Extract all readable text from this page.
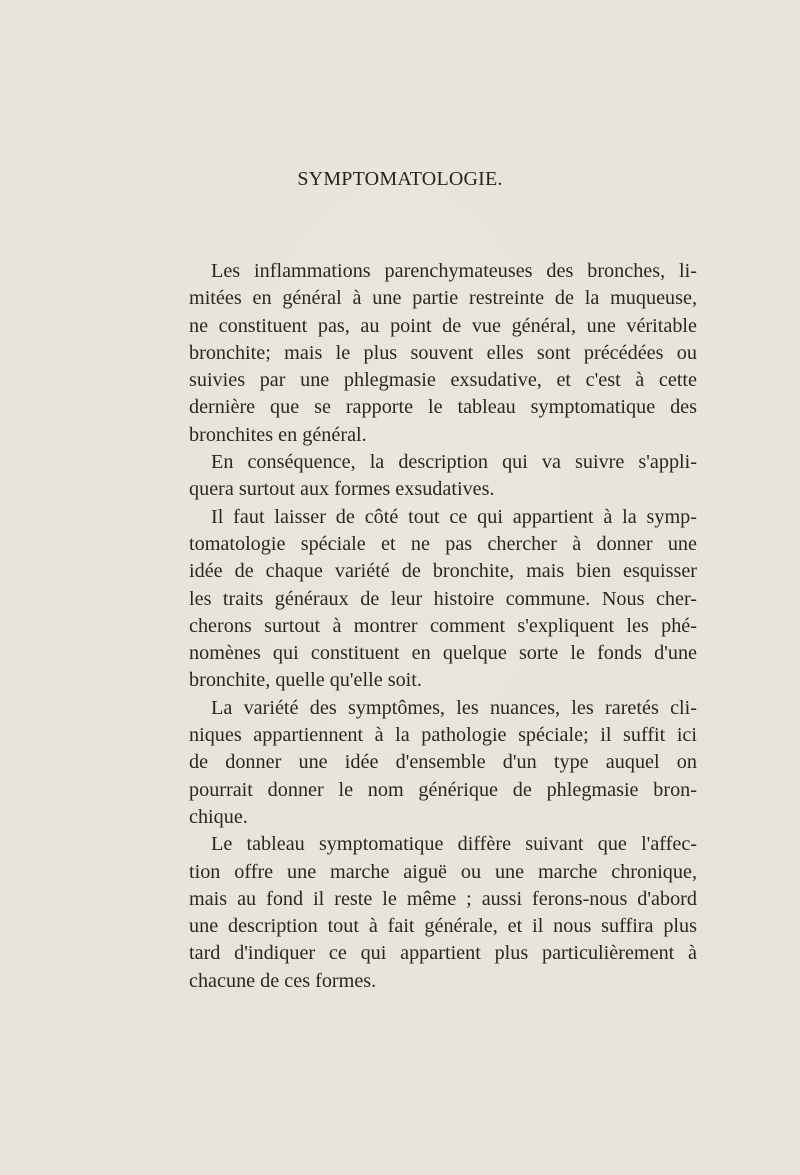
SYMPTOMATOLOGIE.
Les inflammations parenchymateuses des bronches, li-
mitées en général à une partie restreinte de la muqueuse,
ne constituent pas, au point de vue général, une véritable
bronchite; mais le plus souvent elles sont précédées ou
suivies par une phlegmasie exsudative, et c'est à cette
dernière que se rapporte le tableau symptomatique des
bronchites en général.
En conséquence, la description qui va suivre s'appli-
quera surtout aux formes exsudatives.
Il faut laisser de côté tout ce qui appartient à la symp-
tomatologie spéciale et ne pas chercher à donner une
idée de chaque variété de bronchite, mais bien esquisser
les traits généraux de leur histoire commune. Nous cher-
cherons surtout à montrer comment s'expliquent les phé-
nomènes qui constituent en quelque sorte le fonds d'une
bronchite, quelle qu'elle soit.
La variété des symptômes, les nuances, les raretés cli-
niques appartiennent à la pathologie spéciale; il suffit ici
de donner une idée d'ensemble d'un type auquel on
pourrait donner le nom générique de phlegmasie bron-
chique.
Le tableau symptomatique diffère suivant que l'affec-
tion offre une marche aiguë ou une marche chronique,
mais au fond il reste le même ; aussi ferons-nous d'abord
une description tout à fait générale, et il nous suffira plus
tard d'indiquer ce qui appartient plus particulièrement à
chacune de ces formes.
